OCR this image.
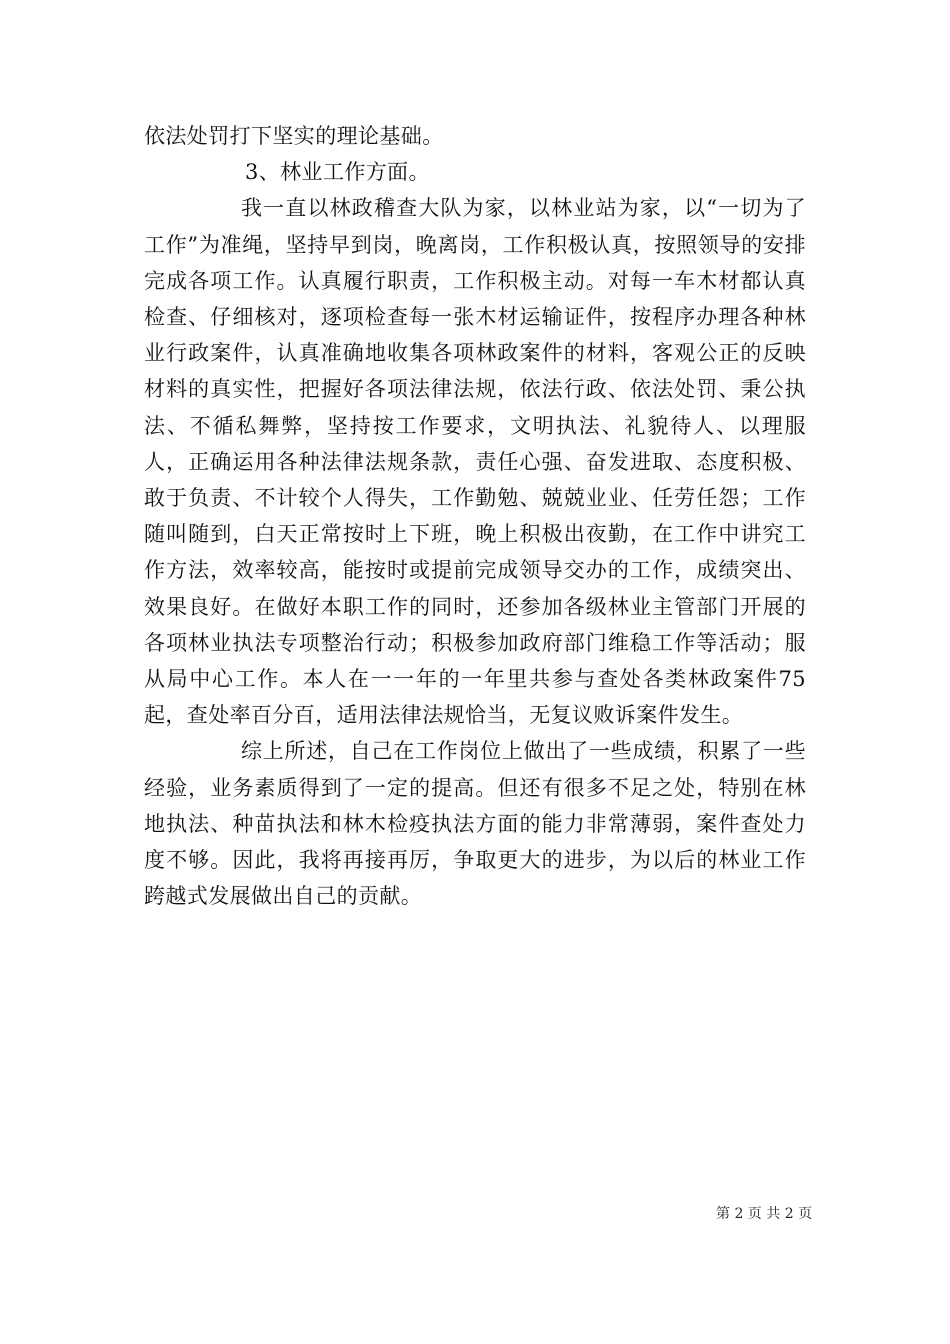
依法处罚打下坚实的理论基础。

3、林业工作方面。

我一直以林政稽查大队为家，以林业站为家，以“一切为了工作”为准绳，坚持早到岗，晚离岗，工作积极认真，按照领导的安排完成各项工作。认真履行职责，工作积极主动。对每一车木材都认真检查、仔细核对，逐项检查每一张木材运输证件，按程序办理各种林业行政案件，认真准确地收集各项林政案件的材料，客观公正的反映材料的真实性，把握好各项法律法规，依法行政、依法处罚、秉公执法、不循私舞弊，坚持按工作要求，文明执法、礼貌待人、以理服人，正确运用各种法律法规条款，责任心强、奋发进取、态度积极、敢于负责、不计较个人得失，工作勤勉、兢兢业业、任劳任怨；工作随叫随到，白天正常按时上下班，晚上积极出夜勤，在工作中讲究工作方法，效率较高，能按时或提前完成领导交办的工作，成绩突出、效果良好。在做好本职工作的同时，还参加各级林业主管部门开展的各项林业执法专项整治行动；积极参加政府部门维稳工作等活动；服从局中心工作。本人在一一年的一年里共参与查处各类林政案件75起，查处率百分百，适用法律法规恰当，无复议败诉案件发生。

综上所述，自己在工作岗位上做出了一些成绩，积累了一些经验，业务素质得到了一定的提高。但还有很多不足之处，特别在林地执法、种苗执法和林木检疫执法方面的能力非常薄弱，案件查处力度不够。因此，我将再接再厉，争取更大的进步，为以后的林业工作跨越式发展做出自己的贡献。

第 2 页 共 2 页
